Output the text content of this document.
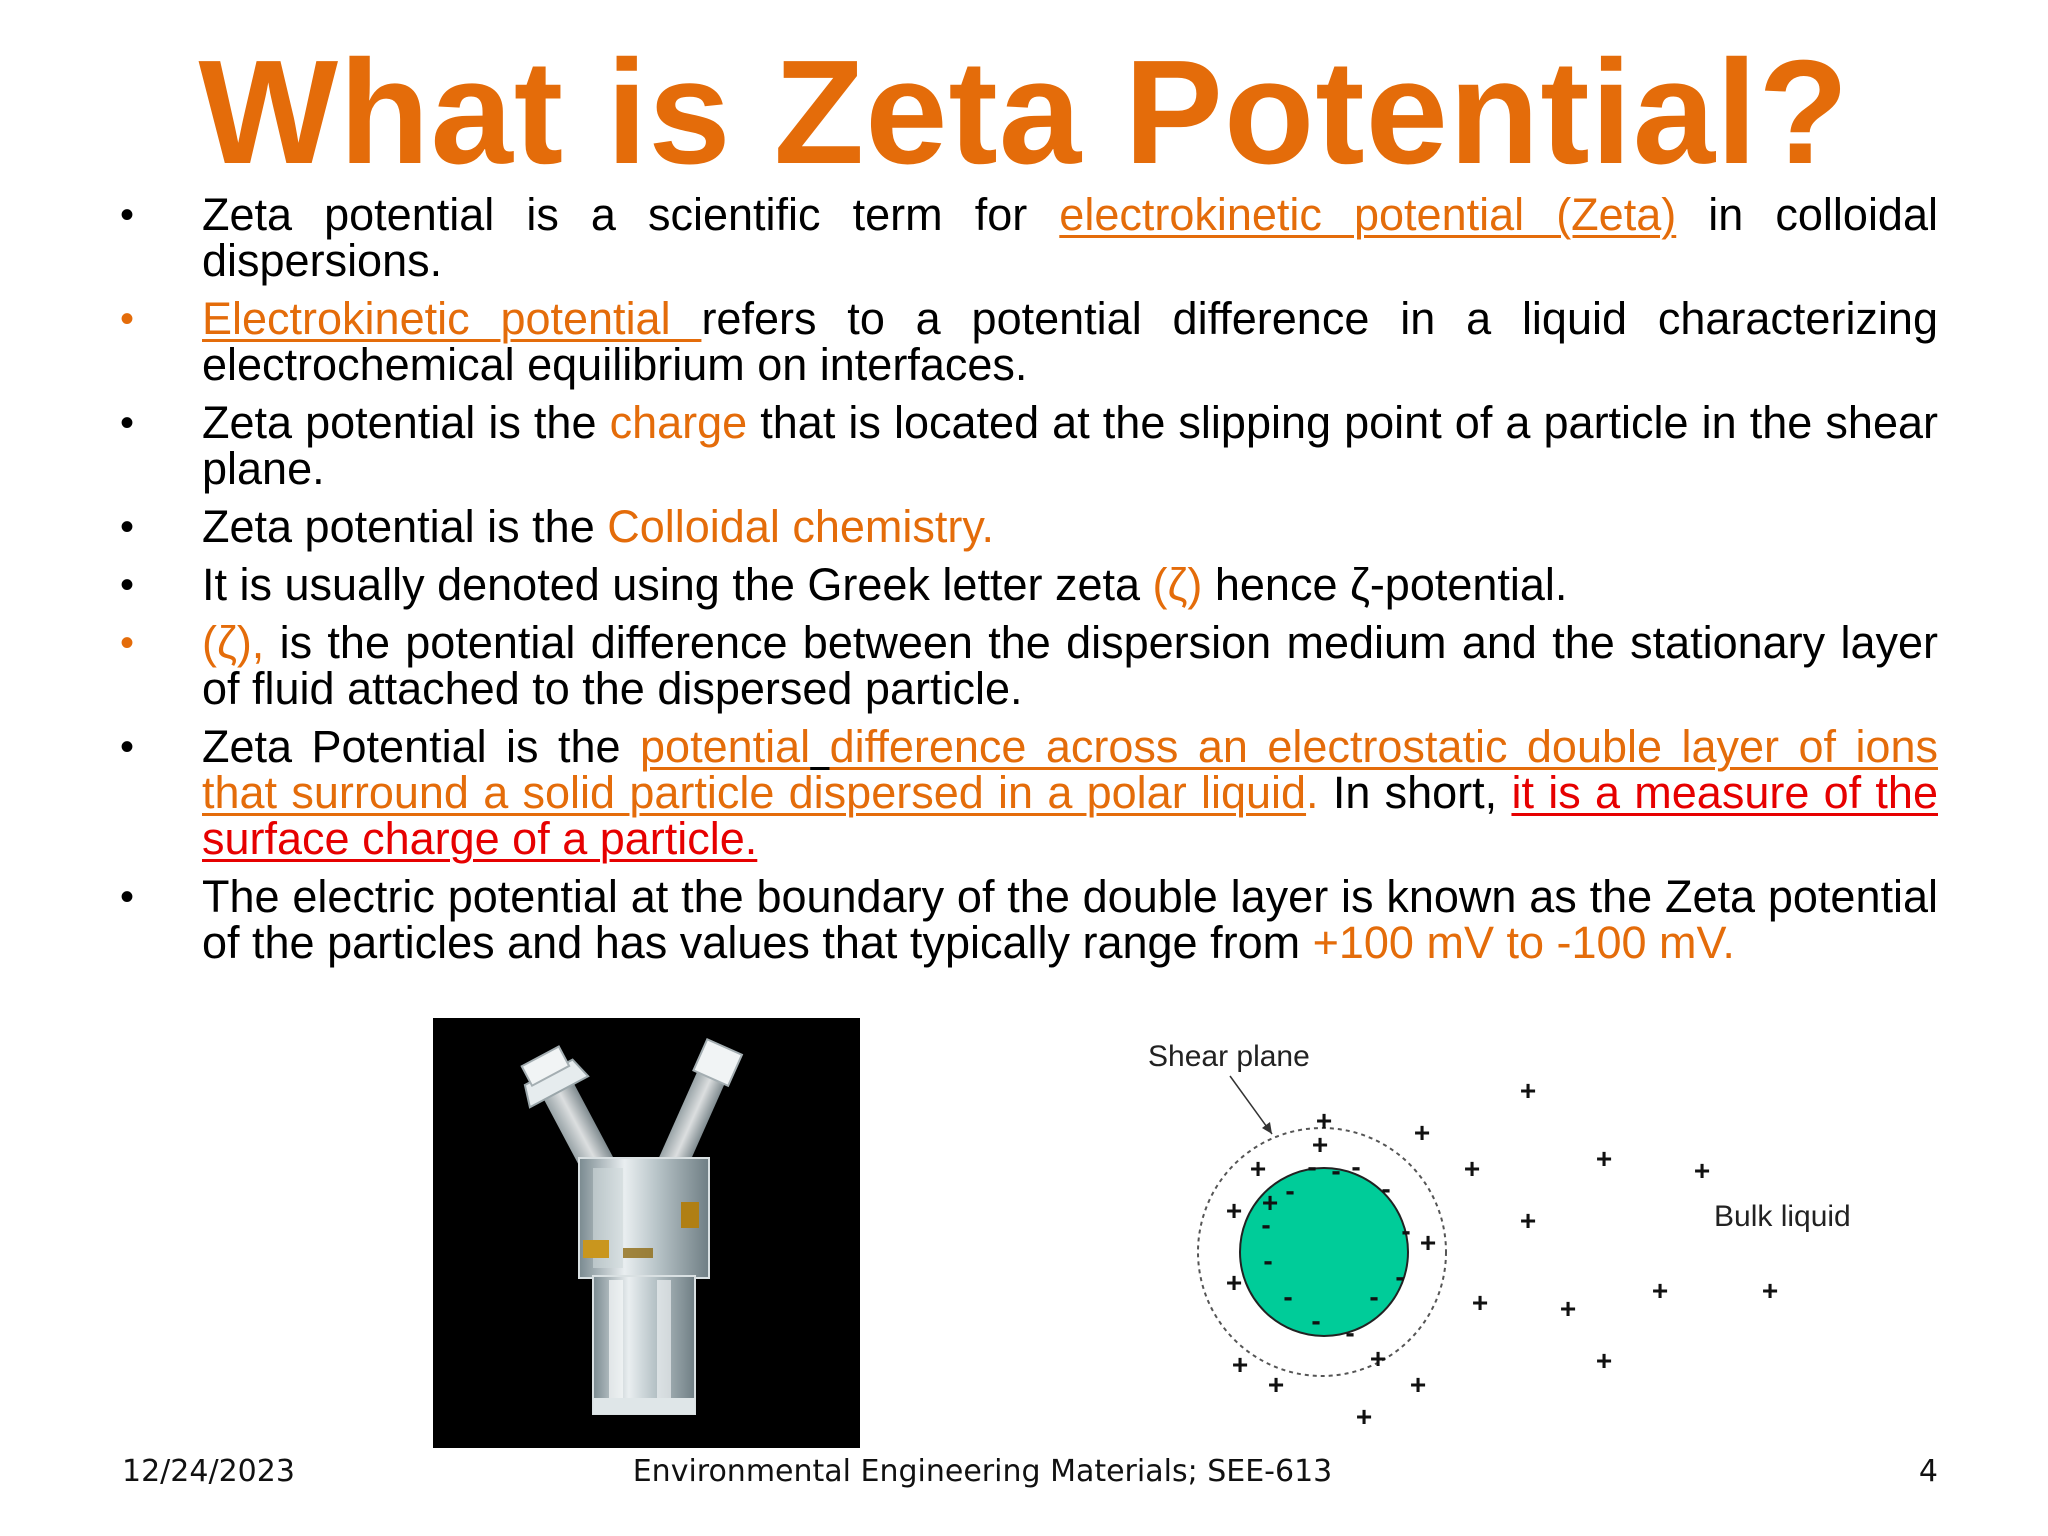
What is Zeta Potential?
•	Zeta potential is a scientific term for electrokinetic potential (Zeta) in colloidal dispersions.
•	Electrokinetic potential refers to a potential difference in a liquid characterizing electrochemical equilibrium on interfaces.
•	Zeta potential is the charge that is located at the slipping point of a particle in the shear plane.
•	Zeta potential is the Colloidal chemistry.
•	It is usually denoted using the Greek letter zeta (ζ) hence ζ-potential.
•	(ζ), is the potential difference between the dispersion medium and the stationary layer of fluid attached to the dispersed particle.
•	Zeta Potential is the potential difference across an electrostatic double layer of ions that surround a solid particle dispersed in a polar liquid. In short, it is a measure of the surface charge of a particle.
•	The electric potential at the boundary of the double layer is known as the Zeta potential of the particles and has values that typically range from +100 mV to -100 mV.
Shear plane
Bulk liquid
+
+	+
+
+
+
+
+
+
+
+	+
+
+
+
+
+
+
+	+
+	+
+
- - -
-	-
-	-
-
-
-	-
- -
12/24/2023	Environmental Engineering Materials; SEE-613	4
